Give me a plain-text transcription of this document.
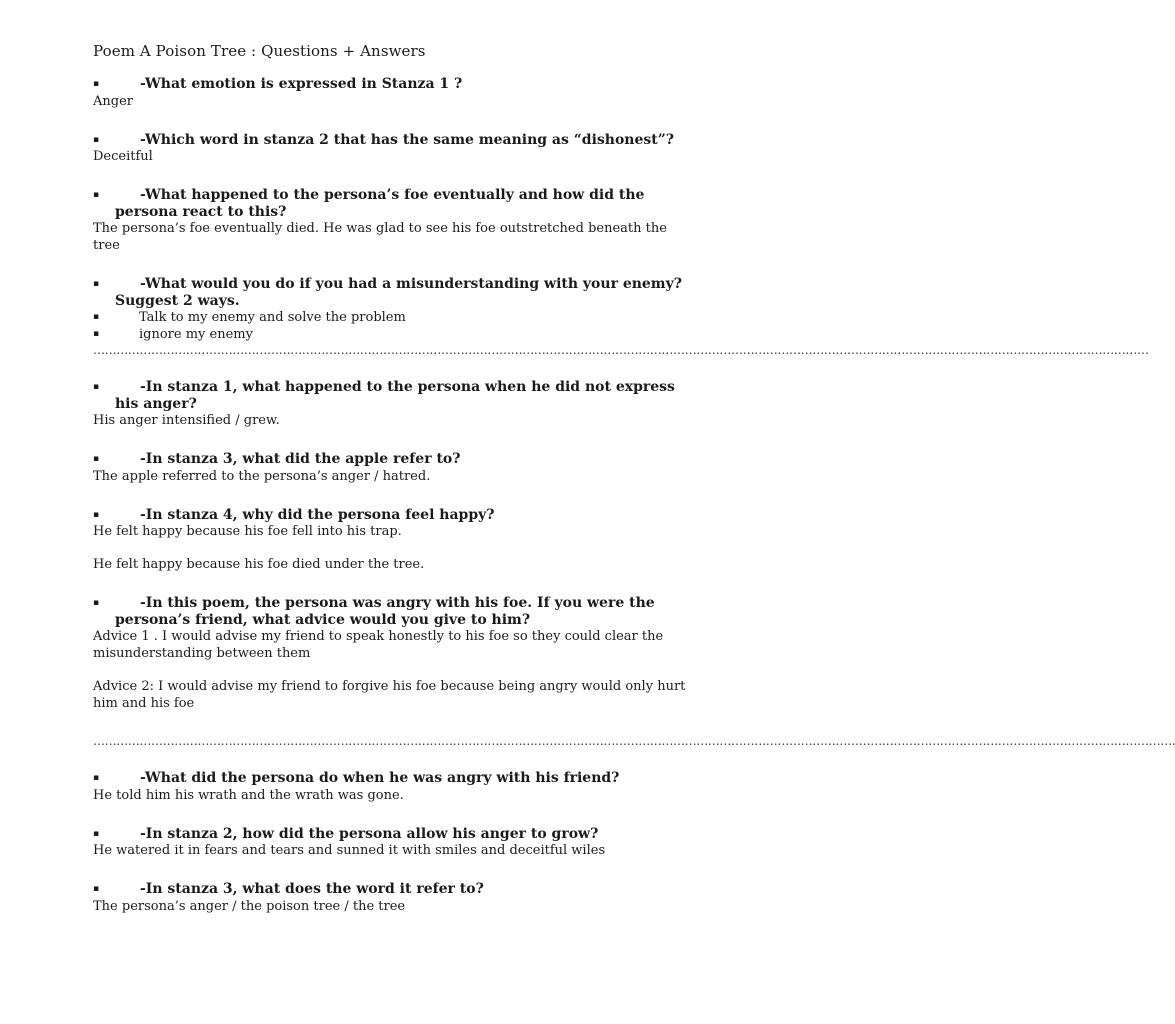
Poem A Poison Tree : Questions + Answers

▪	-What emotion is expressed in Stanza 1 ?

Anger

▪	-Which word in stanza 2 that has the same meaning as “dishonest”?

Deceitful

▪	-What happened to the persona’s foe eventually and how did the persona react to this?

The persona’s foe eventually died. He was glad to see his foe outstretched beneath the tree

▪	-What would you do if you had a misunderstanding with your enemy? Suggest 2 ways.

▪	Talk to my enemy and solve the problem

▪	ignore my enemy

…………………………………………………………………………………………………………………………………………………………………………………………………………………………………………………

▪	-In stanza 1, what happened to the persona when he did not express his anger?

His anger intensified / grew.

▪	-In stanza 3, what did the apple refer to?

The apple referred to the persona’s anger / hatred.

▪	-In stanza 4, why did the persona feel happy?

He felt happy because his foe fell into his trap.

He felt happy because his foe died under the tree.

▪	-In this poem, the persona was angry with his foe. If you were the persona’s friend, what advice would you give to him?

Advice 1 . I would advise my friend to speak honestly to his foe so they could clear the misunderstanding between them

Advice 2: I would advise my friend to forgive his foe because being angry would only hurt him and his foe

……………………………………………………………………………………………………………………………………………………………………………………………………………………………………………………….

▪	-What did the persona do when he was angry with his friend?

He told him his wrath and the wrath was gone.

▪	-In stanza 2, how did the persona allow his anger to grow?

He watered it in fears and tears and sunned it with smiles and deceitful wiles

▪	-In stanza 3, what does the word it refer to?

The persona’s anger / the poison tree / the tree
